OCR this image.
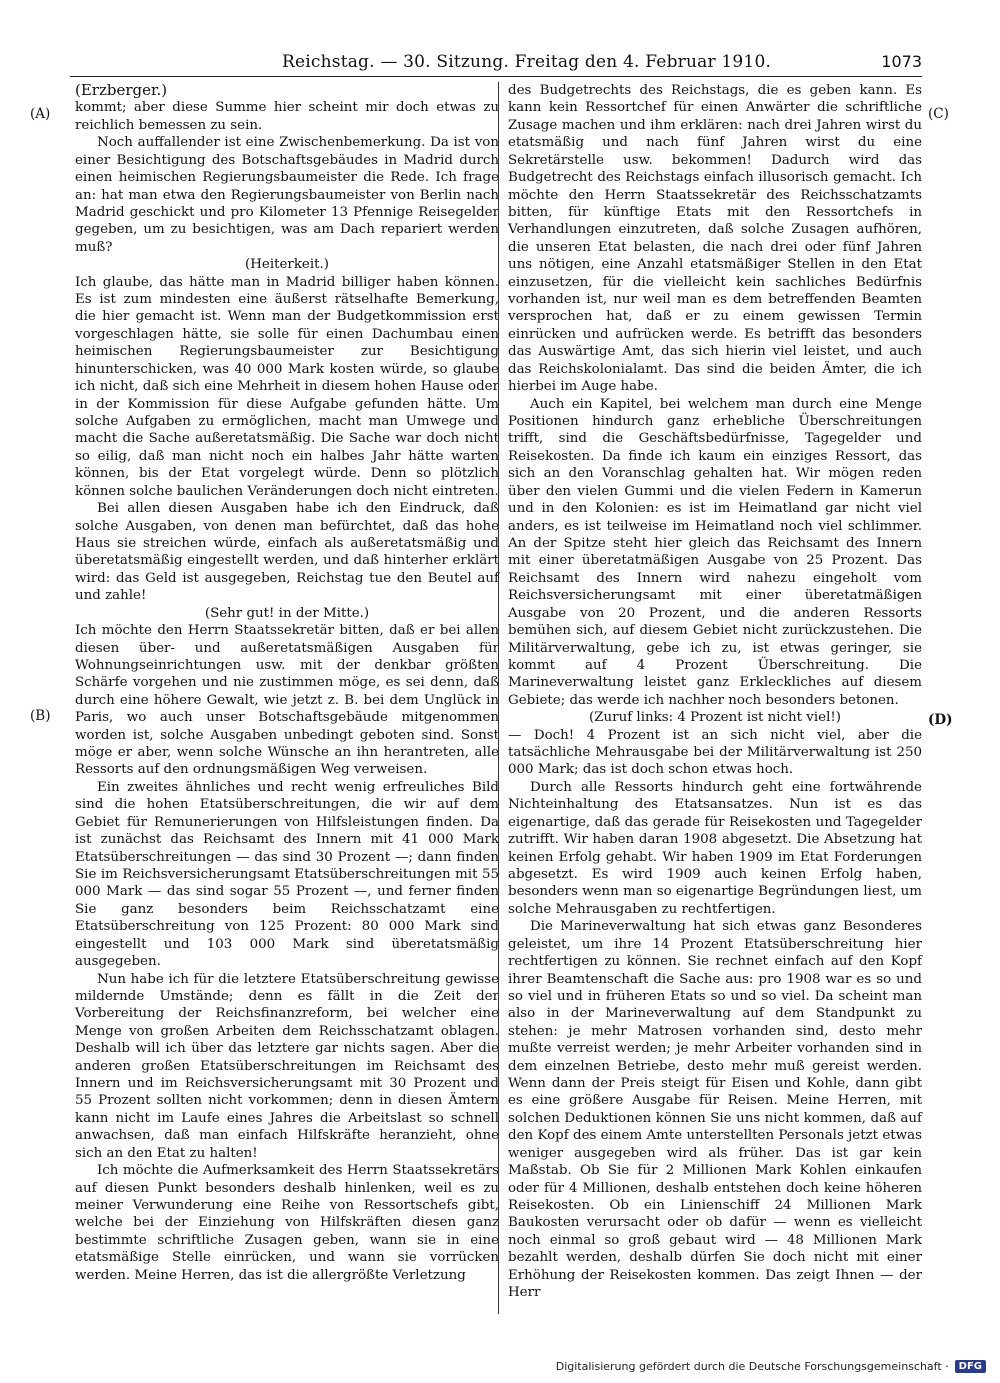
Reichstag. — 30. Sitzung. Freitag den 4. Februar 1910.	1073
(A)
(B)
(C)
(D)
(Erzberger.)

kommt; aber diese Summe hier scheint mir doch etwas zu reichlich bemessen zu sein.

Noch auffallender ist eine Zwischenbemerkung. Da ist von einer Besichtigung des Botschaftsgebäudes in Madrid durch einen heimischen Regierungsbaumeister die Rede. Ich frage an: hat man etwa den Regierungsbaumeister von Berlin nach Madrid geschickt und pro Kilometer 13 Pfennige Reisegelder gegeben, um zu besichtigen, was am Dach repariert werden muß?

(Heiterkeit.)

Ich glaube, das hätte man in Madrid billiger haben können. Es ist zum mindesten eine äußerst rätselhafte Bemerkung, die hier gemacht ist. Wenn man der Budgetkommission erst vorgeschlagen hätte, sie solle für einen Dachumbau einen heimischen Regierungsbaumeister zur Besichtigung hinunterschicken, was 40 000 Mark kosten würde, so glaube ich nicht, daß sich eine Mehrheit in diesem hohen Hause oder in der Kommission für diese Aufgabe gefunden hätte. Um solche Aufgaben zu ermöglichen, macht man Umwege und macht die Sache außeretatsmäßig. Die Sache war doch nicht so eilig, daß man nicht noch ein halbes Jahr hätte warten können, bis der Etat vorgelegt würde. Denn so plötzlich können solche baulichen Veränderungen doch nicht eintreten.

Bei allen diesen Ausgaben habe ich den Eindruck, daß solche Ausgaben, von denen man befürchtet, daß das hohe Haus sie streichen würde, einfach als außeretatsmäßig und überetatsmäßig eingestellt werden, und daß hinterher erklärt wird: das Geld ist ausgegeben, Reichstag tue den Beutel auf und zahle!

(Sehr gut! in der Mitte.)

Ich möchte den Herrn Staatssekretär bitten, daß er bei allen diesen über- und außeretatsmäßigen Ausgaben für Wohnungseinrichtungen usw. mit der denkbar größten Schärfe vorgehen und nie zustimmen möge, es sei denn, daß durch eine höhere Gewalt, wie jetzt z. B. bei dem Unglück in Paris, wo auch unser Botschaftsgebäude mitgenommen worden ist, solche Ausgaben unbedingt geboten sind. Sonst möge er aber, wenn solche Wünsche an ihn herantreten, alle Ressorts auf den ordnungsmäßigen Weg verweisen.

Ein zweites ähnliches und recht wenig erfreuliches Bild sind die hohen Etatsüberschreitungen, die wir auf dem Gebiet für Remunerierungen von Hilfsleistungen finden. Da ist zunächst das Reichsamt des Innern mit 41 000 Mark Etatsüberschreitungen — das sind 30 Prozent —; dann finden Sie im Reichsversicherungsamt Etatsüberschreitungen mit 55 000 Mark — das sind sogar 55 Prozent —, und ferner finden Sie ganz besonders beim Reichsschatzamt eine Etatsüberschreitung von 125 Prozent: 80 000 Mark sind eingestellt und 103 000 Mark sind überetatsmäßig ausgegeben.

Nun habe ich für die letztere Etatsüberschreitung gewisse mildernde Umstände; denn es fällt in die Zeit der Vorbereitung der Reichsfinanzreform, bei welcher eine Menge von großen Arbeiten dem Reichsschatzamt oblagen. Deshalb will ich über das letztere gar nichts sagen. Aber die anderen großen Etatsüberschreitungen im Reichsamt des Innern und im Reichsversicherungsamt mit 30 Prozent und 55 Prozent sollten nicht vorkommen; denn in diesen Ämtern kann nicht im Laufe eines Jahres die Arbeitslast so schnell anwachsen, daß man einfach Hilfskräfte heranzieht, ohne sich an den Etat zu halten!

Ich möchte die Aufmerksamkeit des Herrn Staatssekretärs auf diesen Punkt besonders deshalb hinlenken, weil es zu meiner Verwunderung eine Reihe von Ressortschefs gibt, welche bei der Einziehung von Hilfskräften diesen ganz bestimmte schriftliche Zusagen geben, wann sie in eine etatsmäßige Stelle einrücken, und wann sie vorrücken werden. Meine Herren, das ist die allergrößte Verletzung

des Budgetrechts des Reichstags, die es geben kann. Es kann kein Ressortchef für einen Anwärter die schriftliche Zusage machen und ihm erklären: nach drei Jahren wirst du etatsmäßig und nach fünf Jahren wirst du eine Sekretärstelle usw. bekommen! Dadurch wird das Budgetrecht des Reichstags einfach illusorisch gemacht. Ich möchte den Herrn Staatssekretär des Reichsschatzamts bitten, für künftige Etats mit den Ressortchefs in Verhandlungen einzutreten, daß solche Zusagen aufhören, die unseren Etat belasten, die nach drei oder fünf Jahren uns nötigen, eine Anzahl etatsmäßiger Stellen in den Etat einzusetzen, für die vielleicht kein sachliches Bedürfnis vorhanden ist, nur weil man es dem betreffenden Beamten versprochen hat, daß er zu einem gewissen Termin einrücken und aufrücken werde. Es betrifft das besonders das Auswärtige Amt, das sich hierin viel leistet, und auch das Reichskolonialamt. Das sind die beiden Ämter, die ich hierbei im Auge habe.

Auch ein Kapitel, bei welchem man durch eine Menge Positionen hindurch ganz erhebliche Überschreitungen trifft, sind die Geschäftsbedürfnisse, Tagegelder und Reisekosten. Da finde ich kaum ein einziges Ressort, das sich an den Voranschlag gehalten hat. Wir mögen reden über den vielen Gummi und die vielen Federn in Kamerun und in den Kolonien: es ist im Heimatland gar nicht viel anders, es ist teilweise im Heimatland noch viel schlimmer. An der Spitze steht hier gleich das Reichsamt des Innern mit einer überetatmäßigen Ausgabe von 25 Prozent. Das Reichsamt des Innern wird nahezu eingeholt vom Reichsversicherungsamt mit einer überetatmäßigen Ausgabe von 20 Prozent, und die anderen Ressorts bemühen sich, auf diesem Gebiet nicht zurückzustehen. Die Militärverwaltung, gebe ich zu, ist etwas geringer, sie kommt auf 4 Prozent Überschreitung. Die Marineverwaltung leistet ganz Erkleckliches auf diesem Gebiete; das werde ich nachher noch besonders betonen.

(Zuruf links: 4 Prozent ist nicht viel!)

— Doch! 4 Prozent ist an sich nicht viel, aber die tatsächliche Mehrausgabe bei der Militärverwaltung ist 250 000 Mark; das ist doch schon etwas hoch.

Durch alle Ressorts hindurch geht eine fortwährende Nichteinhaltung des Etatsansatzes. Nun ist es das eigenartige, daß das gerade für Reisekosten und Tagegelder zutrifft. Wir haben daran 1908 abgesetzt. Die Absetzung hat keinen Erfolg gehabt. Wir haben 1909 im Etat Forderungen abgesetzt. Es wird 1909 auch keinen Erfolg haben, besonders wenn man so eigenartige Begründungen liest, um solche Mehrausgaben zu rechtfertigen.

Die Marineverwaltung hat sich etwas ganz Besonderes geleistet, um ihre 14 Prozent Etatsüberschreitung hier rechtfertigen zu können. Sie rechnet einfach auf den Kopf ihrer Beamtenschaft die Sache aus: pro 1908 war es so und so viel und in früheren Etats so und so viel. Da scheint man also in der Marineverwaltung auf dem Standpunkt zu stehen: je mehr Matrosen vorhanden sind, desto mehr mußte verreist werden; je mehr Arbeiter vorhanden sind in dem einzelnen Betriebe, desto mehr muß gereist werden. Wenn dann der Preis steigt für Eisen und Kohle, dann gibt es eine größere Ausgabe für Reisen. Meine Herren, mit solchen Deduktionen können Sie uns nicht kommen, daß auf den Kopf des einem Amte unterstellten Personals jetzt etwas weniger ausgegeben wird als früher. Das ist gar kein Maßstab. Ob Sie für 2 Millionen Mark Kohlen einkaufen oder für 4 Millionen, deshalb entstehen doch keine höheren Reisekosten. Ob ein Linienschiff 24 Millionen Mark Baukosten verursacht oder ob dafür — wenn es vielleicht noch einmal so groß gebaut wird — 48 Millionen Mark bezahlt werden, deshalb dürfen Sie doch nicht mit einer Erhöhung der Reisekosten kommen. Das zeigt Ihnen — der Herr

Digitalisierung gefördert durch die Deutsche Forschungsgemeinschaft ·	DFG
